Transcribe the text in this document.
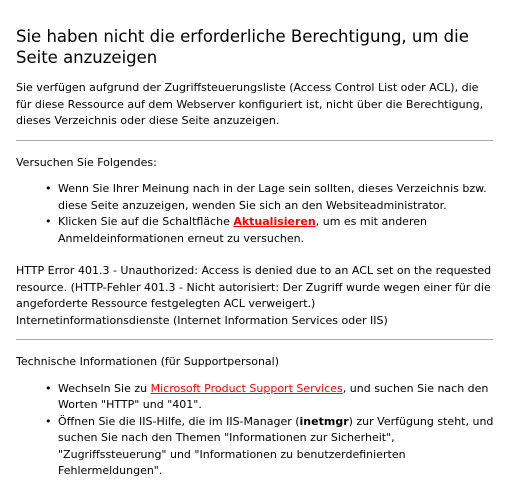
Sie haben nicht die erforderliche Berechtigung, um die Seite anzuzeigen

Sie verfügen aufgrund der Zugriffsteuerungsliste (Access Control List oder ACL), die für diese Ressource auf dem Webserver konfiguriert ist, nicht über die Berechtigung, dieses Verzeichnis oder diese Seite anzuzeigen.

Versuchen Sie Folgendes:

• Wenn Sie Ihrer Meinung nach in der Lage sein sollten, dieses Verzeichnis bzw. diese Seite anzuzeigen, wenden Sie sich an den Websiteadministrator.
• Klicken Sie auf die Schaltfläche Aktualisieren, um es mit anderen Anmeldeinformationen erneut zu versuchen.

HTTP Error 401.3 - Unauthorized: Access is denied due to an ACL set on the requested resource. (HTTP-Fehler 401.3 - Nicht autorisiert: Der Zugriff wurde wegen einer für die angeforderte Ressource festgelegten ACL verweigert.)

Internetinformationsdienste (Internet Information Services oder IIS)

Technische Informationen (für Supportpersonal)

• Wechseln Sie zu Microsoft Product Support Services, und suchen Sie nach den Worten "HTTP" und "401".
• Öffnen Sie die IIS-Hilfe, die im IIS-Manager (inetmgr) zur Verfügung steht, und suchen Sie nach den Themen "Informationen zur Sicherheit", "Zugriffssteuerung" und "Informationen zu benutzerdefinierten Fehlermeldungen".
